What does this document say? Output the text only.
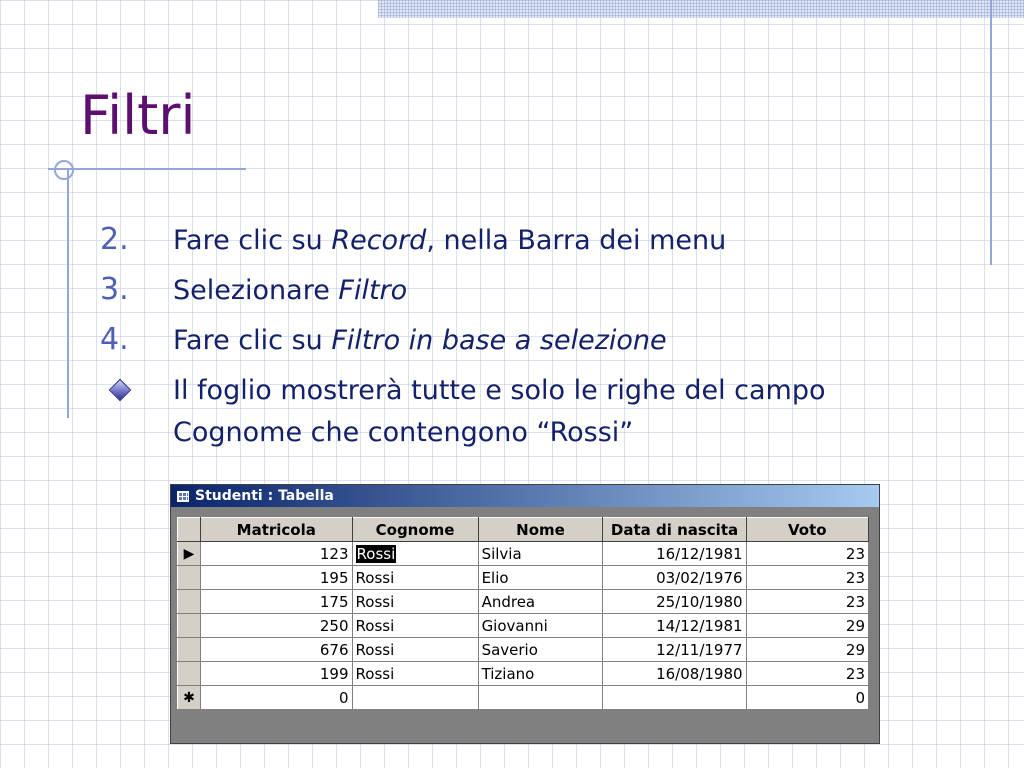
Filtri
2.	Fare clic su Record, nella Barra dei menu
3.	Selezionare Filtro
4.	Fare clic su Filtro in base a selezione
Il foglio mostrerà tutte e solo le righe del campo
Cognome che contengono “Rossi”
Studenti : Tabella
	Matricola	Cognome	Nome	Data di nascita	Voto
▶	123	Rossi	Silvia	16/12/1981	23
	195	Rossi	Elio	03/02/1976	23
	175	Rossi	Andrea	25/10/1980	23
	250	Rossi	Giovanni	14/12/1981	29
	676	Rossi	Saverio	12/11/1977	29
	199	Rossi	Tiziano	16/08/1980	23
✱	0				0
